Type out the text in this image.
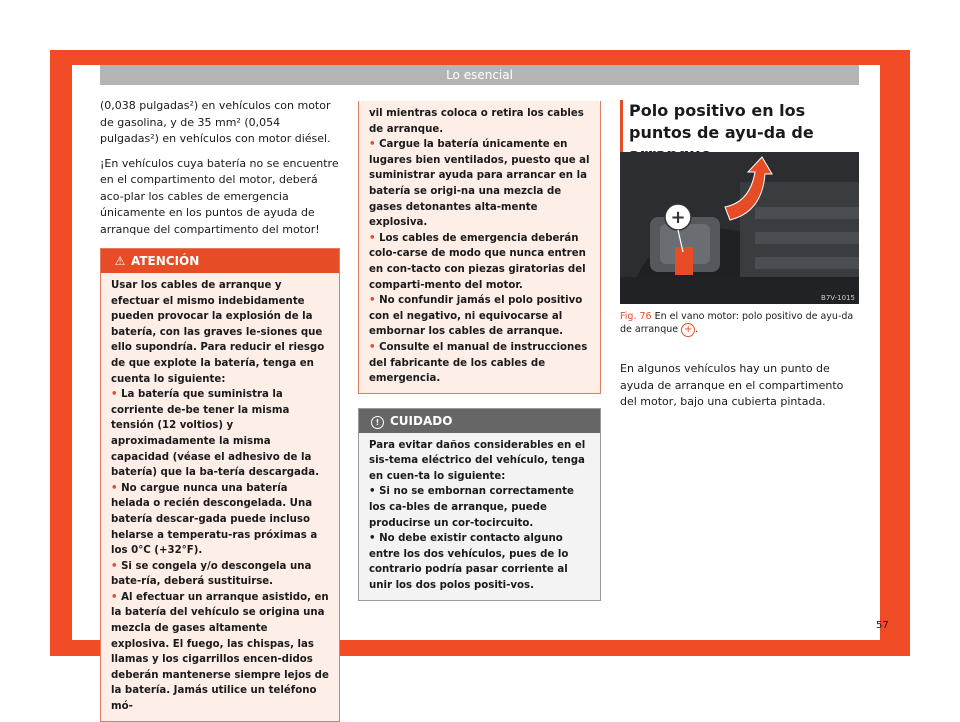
Lo esencial

(0,038 pulgadas²) en vehículos con motor de gasolina, y de 35 mm² (0,054 pulgadas²) en vehículos con motor diésel.

¡En vehículos cuya batería no se encuentre en el compartimento del motor, deberá aco-plar los cables de emergencia únicamente en los puntos de ayuda de arranque del compartimento del motor!

⚠ ATENCIÓN

Usar los cables de arranque y efectuar el mismo indebidamente pueden provocar la explosión de la batería, con las graves le-siones que ello supondría. Para reducir el riesgo de que explote la batería, tenga en cuenta lo siguiente:

• La batería que suministra la corriente de-be tener la misma tensión (12 voltios) y aproximadamente la misma capacidad (véase el adhesivo de la batería) que la ba-tería descargada.

• No cargue nunca una batería helada o recién descongelada. Una batería descar-gada puede incluso helarse a temperatu-ras próximas a los 0°C (+32°F).

• Si se congela y/o descongela una bate-ría, deberá sustituirse.

• Al efectuar un arranque asistido, en la batería del vehículo se origina una mezcla de gases altamente explosiva. El fuego, las chispas, las llamas y los cigarrillos encen-didos deberán mantenerse siempre lejos de la batería. Jamás utilice un teléfono mó-

vil mientras coloca o retira los cables de arranque.

• Cargue la batería únicamente en lugares bien ventilados, puesto que al suministrar ayuda para arrancar en la batería se origi-na una mezcla de gases detonantes alta-mente explosiva.

• Los cables de emergencia deberán colo-carse de modo que nunca entren en con-tacto con piezas giratorias del comparti-mento del motor.

• No confundir jamás el polo positivo con el negativo, ni equivocarse al embornar los cables de arranque.

• Consulte el manual de instrucciones del fabricante de los cables de emergencia.

! CUIDADO

Para evitar daños considerables en el sis-tema eléctrico del vehículo, tenga en cuen-ta lo siguiente:

• Si no se embornan correctamente los ca-bles de arranque, puede producirse un cor-tocircuito.

• No debe existir contacto alguno entre los dos vehículos, pues de lo contrario podría pasar corriente al unir los dos polos positi-vos.

Polo positivo en los puntos de ayu-da de
+
B7V-1015
Fig. 76 En el vano motor: polo positivo de ayu-da de arranque + .

En algunos vehículos hay un punto de ayuda de arranque en el compartimento del motor, bajo una cubierta pintada.

57
